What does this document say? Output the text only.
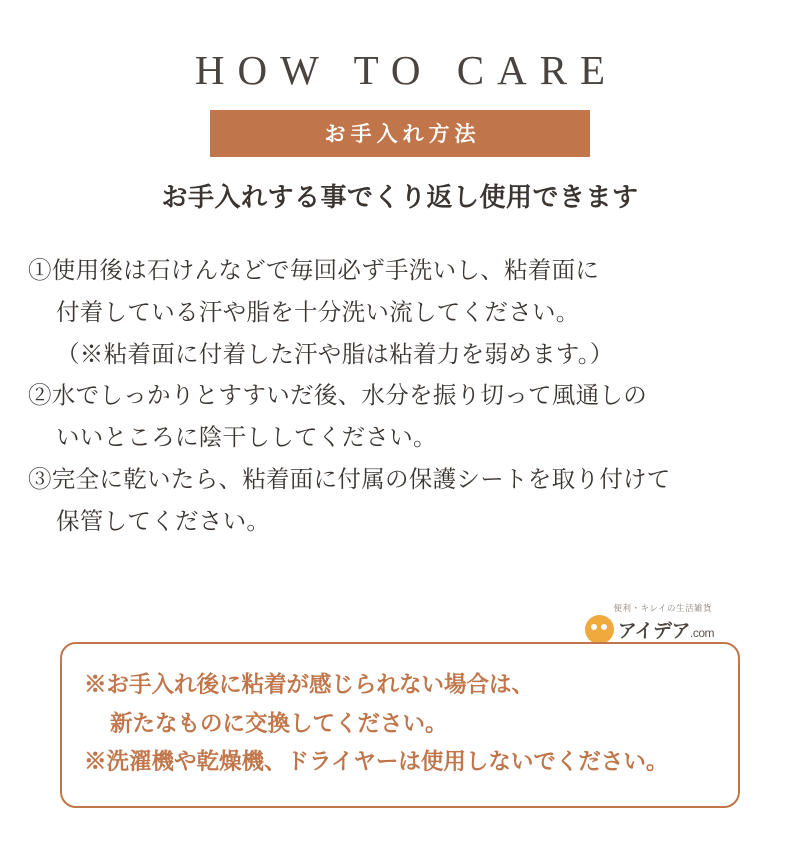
HOW TO CARE
お手入れ方法
お手入れする事でくり返し使用できます
①使用後は石けんなどで毎回必ず手洗いし、粘着面に
付着している汗や脂を十分洗い流してください。
（※粘着面に付着した汗や脂は粘着力を弱めます。）
②水でしっかりとすすいだ後、水分を振り切って風通しの
いいところに陰干ししてください。
③完全に乾いたら、粘着面に付属の保護シートを取り付けて
保管してください。
便利・キレイの生活雑貨
アイデア.com
※お手入れ後に粘着が感じられない場合は、
新たなものに交換してください。
※洗濯機や乾燥機、ドライヤーは使用しないでください。
